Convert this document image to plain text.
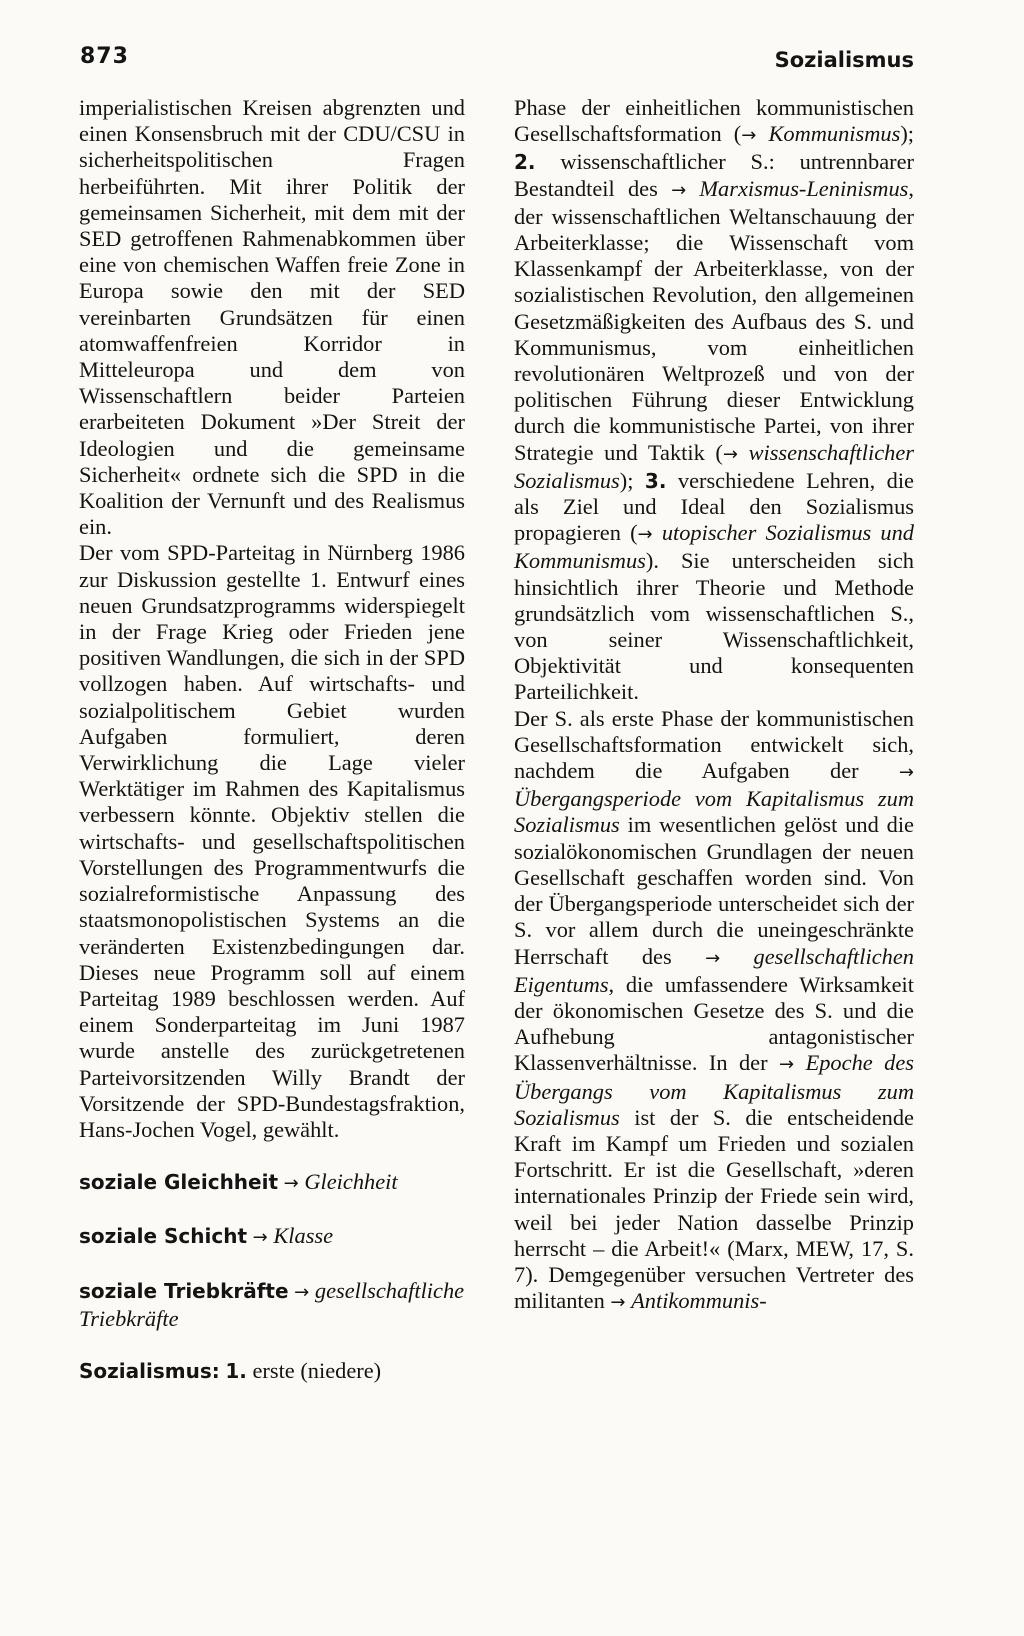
873	Sozialismus

imperialistischen Kreisen abgrenzten und einen Konsensbruch mit der CDU/CSU in sicherheitspolitischen Fragen herbeiführten. Mit ihrer Politik der gemeinsamen Sicherheit, mit dem mit der SED getroffenen Rahmenabkommen über eine von chemischen Waffen freie Zone in Europa sowie den mit der SED vereinbarten Grundsätzen für einen atomwaffenfreien Korridor in Mitteleuropa und dem von Wissenschaftlern beider Parteien erarbeiteten Dokument »Der Streit der Ideologien und die gemeinsame Sicherheit« ordnete sich die SPD in die Koalition der Vernunft und des Realismus ein.

Der vom SPD-Parteitag in Nürnberg 1986 zur Diskussion gestellte 1. Entwurf eines neuen Grundsatzprogramms widerspiegelt in der Frage Krieg oder Frieden jene positiven Wandlungen, die sich in der SPD vollzogen haben. Auf wirtschafts- und sozialpolitischem Gebiet wurden Aufgaben formuliert, deren Verwirklichung die Lage vieler Werktätiger im Rahmen des Kapitalismus verbessern könnte. Objektiv stellen die wirtschafts- und gesellschaftspolitischen Vorstellungen des Programmentwurfs die sozialreformistische Anpassung des staatsmonopolistischen Systems an die veränderten Existenzbedingungen dar. Dieses neue Programm soll auf einem Parteitag 1989 beschlossen werden. Auf einem Sonderparteitag im Juni 1987 wurde anstelle des zurückgetretenen Parteivorsitzenden Willy Brandt der Vorsitzende der SPD-Bundestagsfraktion, Hans-Jochen Vogel, gewählt.

soziale Gleichheit → Gleichheit

soziale Schicht → Klasse

soziale Triebkräfte → gesellschaftliche Triebkräfte

Sozialismus: 1. erste (niedere)

Phase der einheitlichen kommunistischen Gesellschaftsformation (→ Kommunismus); 2. wissenschaftlicher S.: untrennbarer Bestandteil des → Marxismus-Leninismus, der wissenschaftlichen Weltanschauung der Arbeiterklasse; die Wissenschaft vom Klassenkampf der Arbeiterklasse, von der sozialistischen Revolution, den allgemeinen Gesetzmäßigkeiten des Aufbaus des S. und Kommunismus, vom einheitlichen revolutionären Weltprozeß und von der politischen Führung dieser Entwicklung durch die kommunistische Partei, von ihrer Strategie und Taktik (→ wissenschaftlicher Sozialismus); 3. verschiedene Lehren, die als Ziel und Ideal den Sozialismus propagieren (→ utopischer Sozialismus und Kommunismus). Sie unterscheiden sich hinsichtlich ihrer Theorie und Methode grundsätzlich vom wissenschaftlichen S., von seiner Wissenschaftlichkeit, Objektivität und konsequenten Parteilichkeit.

Der S. als erste Phase der kommunistischen Gesellschaftsformation entwickelt sich, nachdem die Aufgaben der → Übergangsperiode vom Kapitalismus zum Sozialismus im wesentlichen gelöst und die sozialökonomischen Grundlagen der neuen Gesellschaft geschaffen worden sind. Von der Übergangsperiode unterscheidet sich der S. vor allem durch die uneingeschränkte Herrschaft des → gesellschaftlichen Eigentums, die umfassendere Wirksamkeit der ökonomischen Gesetze des S. und die Aufhebung antagonistischer Klassenverhältnisse. In der → Epoche des Übergangs vom Kapitalismus zum Sozialismus ist der S. die entscheidende Kraft im Kampf um Frieden und sozialen Fortschritt. Er ist die Gesellschaft, »deren internationales Prinzip der Friede sein wird, weil bei jeder Nation dasselbe Prinzip herrscht – die Arbeit!« (Marx, MEW, 17, S. 7). Demgegenüber versuchen Vertreter des militanten → Antikommunis-
